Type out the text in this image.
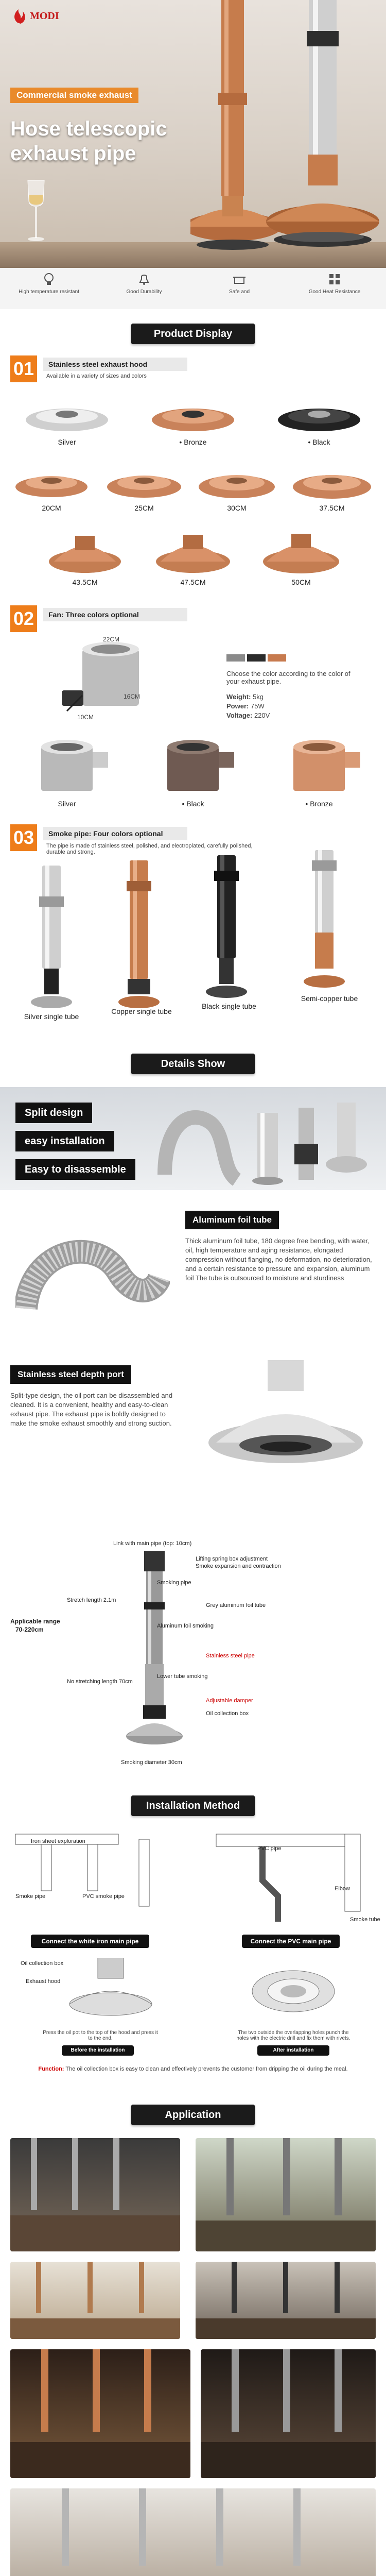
MODI
Commercial smoke exhaust
Hose telescopic
exhaust pipe
High temperature resistant	Good Durability	Safe and	Good Heat Resistance
Product Display
01	Stainless steel exhaust hood
Available in a variety of sizes and colors
Silver	• Bronze	• Black
20CM	25CM	30CM	37.5CM
43.5CM	47.5CM	50CM
02	Fan: Three colors optional
22CM
16CM
10CM
Choose the color according to the color of your exhaust pipe.
Weight: 5kg
Power: 75W
Voltage: 220V
Silver	• Black	• Bronze
03	Smoke pipe: Four colors optional
The pipe is made of stainless steel, polished, and electroplated, carefully polished, durable and strong.
Silver single tube
Copper single tube
Black single tube
Semi-copper tube
Details Show
Split design
easy installation
Easy to disassemble
Aluminum foil tube
Thick aluminum foil tube, 180 degree free bending, with water, oil, high temperature and aging resistance, elongated compression without flanging, no deformation, no deterioration, and a certain resistance to pressure and expansion, aluminum foil The tube is outsourced to moisture and sturdiness
Stainless steel depth port
Split-type design, the oil port can be disassembled and cleaned. It is a convenient, healthy and easy-to-clean exhaust pipe. The exhaust pipe is boldly designed to make the smoke exhaust smoothly and strong suction.
Link with main pipe (top: 10cm)
Lifting spring box adjustment
Smoke expansion and contraction
Smoking pipe
Grey aluminum foil tube
Aluminum foil smoking
Stainless steel pipe
Lower tube smoking
Adjustable damper
Oil collection box
Stretch length 2.1m
Applicable range
70-220cm
No stretching length 70cm
Smoking diameter 30cm
Installation Method
Iron sheet exploration
Smoke pipe	PVC smoke pipe
PVC pipe
Elbow
Smoke tube
Connect the white iron main pipe	Connect the PVC main pipe
Oil collection box
Exhaust hood
Press the oil pot to the top of the hood and press it to the end.
Before the installation
The two outside the overlapping holes punch the holes with the electric drill and fix them with rivets.
After installation
Function: The oil collection box is easy to clean and effectively prevents the customer from dripping the oil during the meal.
Application
